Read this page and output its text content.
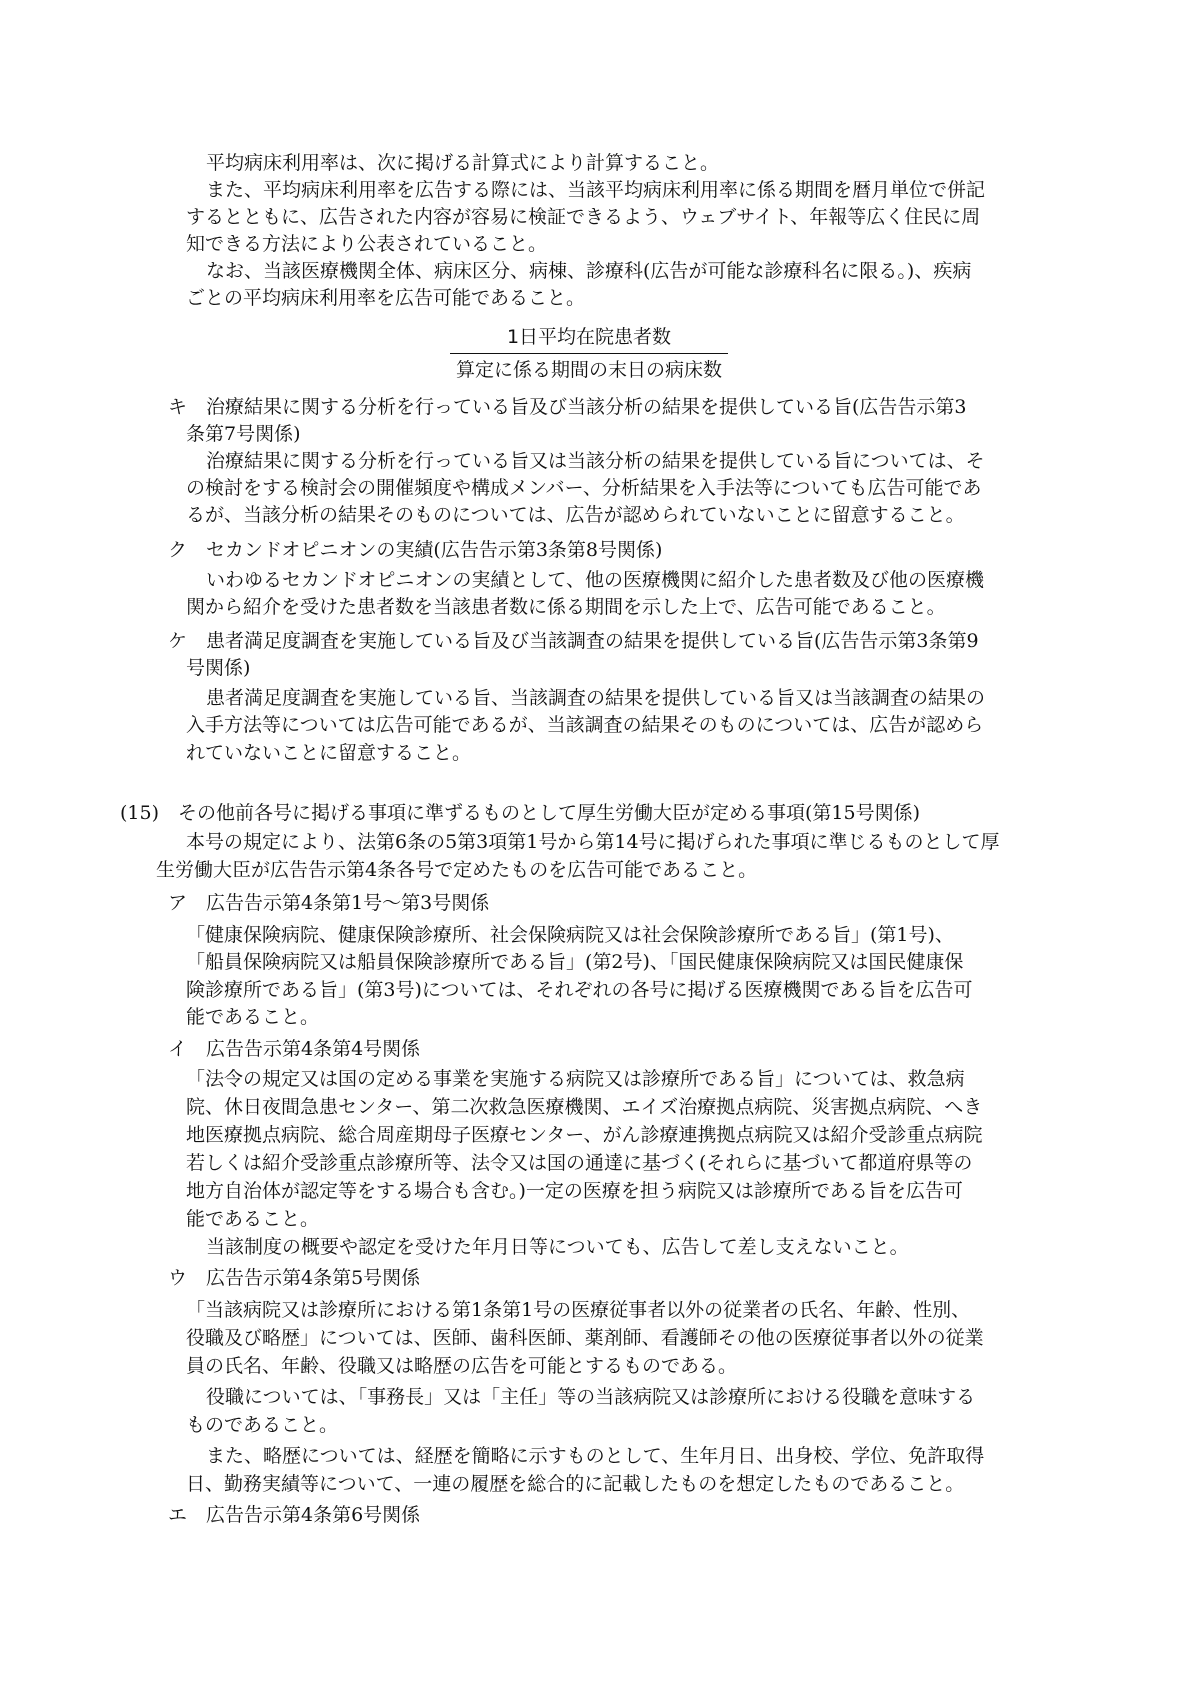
平均病床利用率は、次に掲げる計算式により計算すること。
また、平均病床利用率を広告する際には、当該平均病床利用率に係る期間を暦月単位で併記
するとともに、広告された内容が容易に検証できるよう、ウェブサイト、年報等広く住民に周
知できる方法により公表されていること。
なお、当該医療機関全体、病床区分、病棟、診療科(広告が可能な診療科名に限る。)、疾病
ごとの平均病床利用率を広告可能であること。
1日平均在院患者数
算定に係る期間の末日の病床数
キ　治療結果に関する分析を行っている旨及び当該分析の結果を提供している旨(広告告示第3
条第7号関係)
治療結果に関する分析を行っている旨又は当該分析の結果を提供している旨については、そ
の検討をする検討会の開催頻度や構成メンバー、分析結果を入手法等についても広告可能であ
るが、当該分析の結果そのものについては、広告が認められていないことに留意すること。
ク　セカンドオピニオンの実績(広告告示第3条第8号関係)
いわゆるセカンドオピニオンの実績として、他の医療機関に紹介した患者数及び他の医療機
関から紹介を受けた患者数を当該患者数に係る期間を示した上で、広告可能であること。
ケ　患者満足度調査を実施している旨及び当該調査の結果を提供している旨(広告告示第3条第9
号関係)
患者満足度調査を実施している旨、当該調査の結果を提供している旨又は当該調査の結果の
入手方法等については広告可能であるが、当該調査の結果そのものについては、広告が認めら
れていないことに留意すること。
(15)　その他前各号に掲げる事項に準ずるものとして厚生労働大臣が定める事項(第15号関係)
本号の規定により、法第6条の5第3項第1号から第14号に掲げられた事項に準じるものとして厚
生労働大臣が広告告示第4条各号で定めたものを広告可能であること。
ア　広告告示第4条第1号～第3号関係
「健康保険病院、健康保険診療所、社会保険病院又は社会保険診療所である旨」(第1号)、
「船員保険病院又は船員保険診療所である旨」(第2号)、「国民健康保険病院又は国民健康保
険診療所である旨」(第3号)については、それぞれの各号に掲げる医療機関である旨を広告可
能であること。
イ　広告告示第4条第4号関係
「法令の規定又は国の定める事業を実施する病院又は診療所である旨」については、救急病
院、休日夜間急患センター、第二次救急医療機関、エイズ治療拠点病院、災害拠点病院、へき
地医療拠点病院、総合周産期母子医療センター、がん診療連携拠点病院又は紹介受診重点病院
若しくは紹介受診重点診療所等、法令又は国の通達に基づく(それらに基づいて都道府県等の
地方自治体が認定等をする場合も含む。)一定の医療を担う病院又は診療所である旨を広告可
能であること。
当該制度の概要や認定を受けた年月日等についても、広告して差し支えないこと。
ウ　広告告示第4条第5号関係
「当該病院又は診療所における第1条第1号の医療従事者以外の従業者の氏名、年齢、性別、
役職及び略歴」については、医師、歯科医師、薬剤師、看護師その他の医療従事者以外の従業
員の氏名、年齢、役職又は略歴の広告を可能とするものである。
役職については、「事務長」又は「主任」等の当該病院又は診療所における役職を意味する
ものであること。
また、略歴については、経歴を簡略に示すものとして、生年月日、出身校、学位、免許取得
日、勤務実績等について、一連の履歴を総合的に記載したものを想定したものであること。
エ　広告告示第4条第6号関係
